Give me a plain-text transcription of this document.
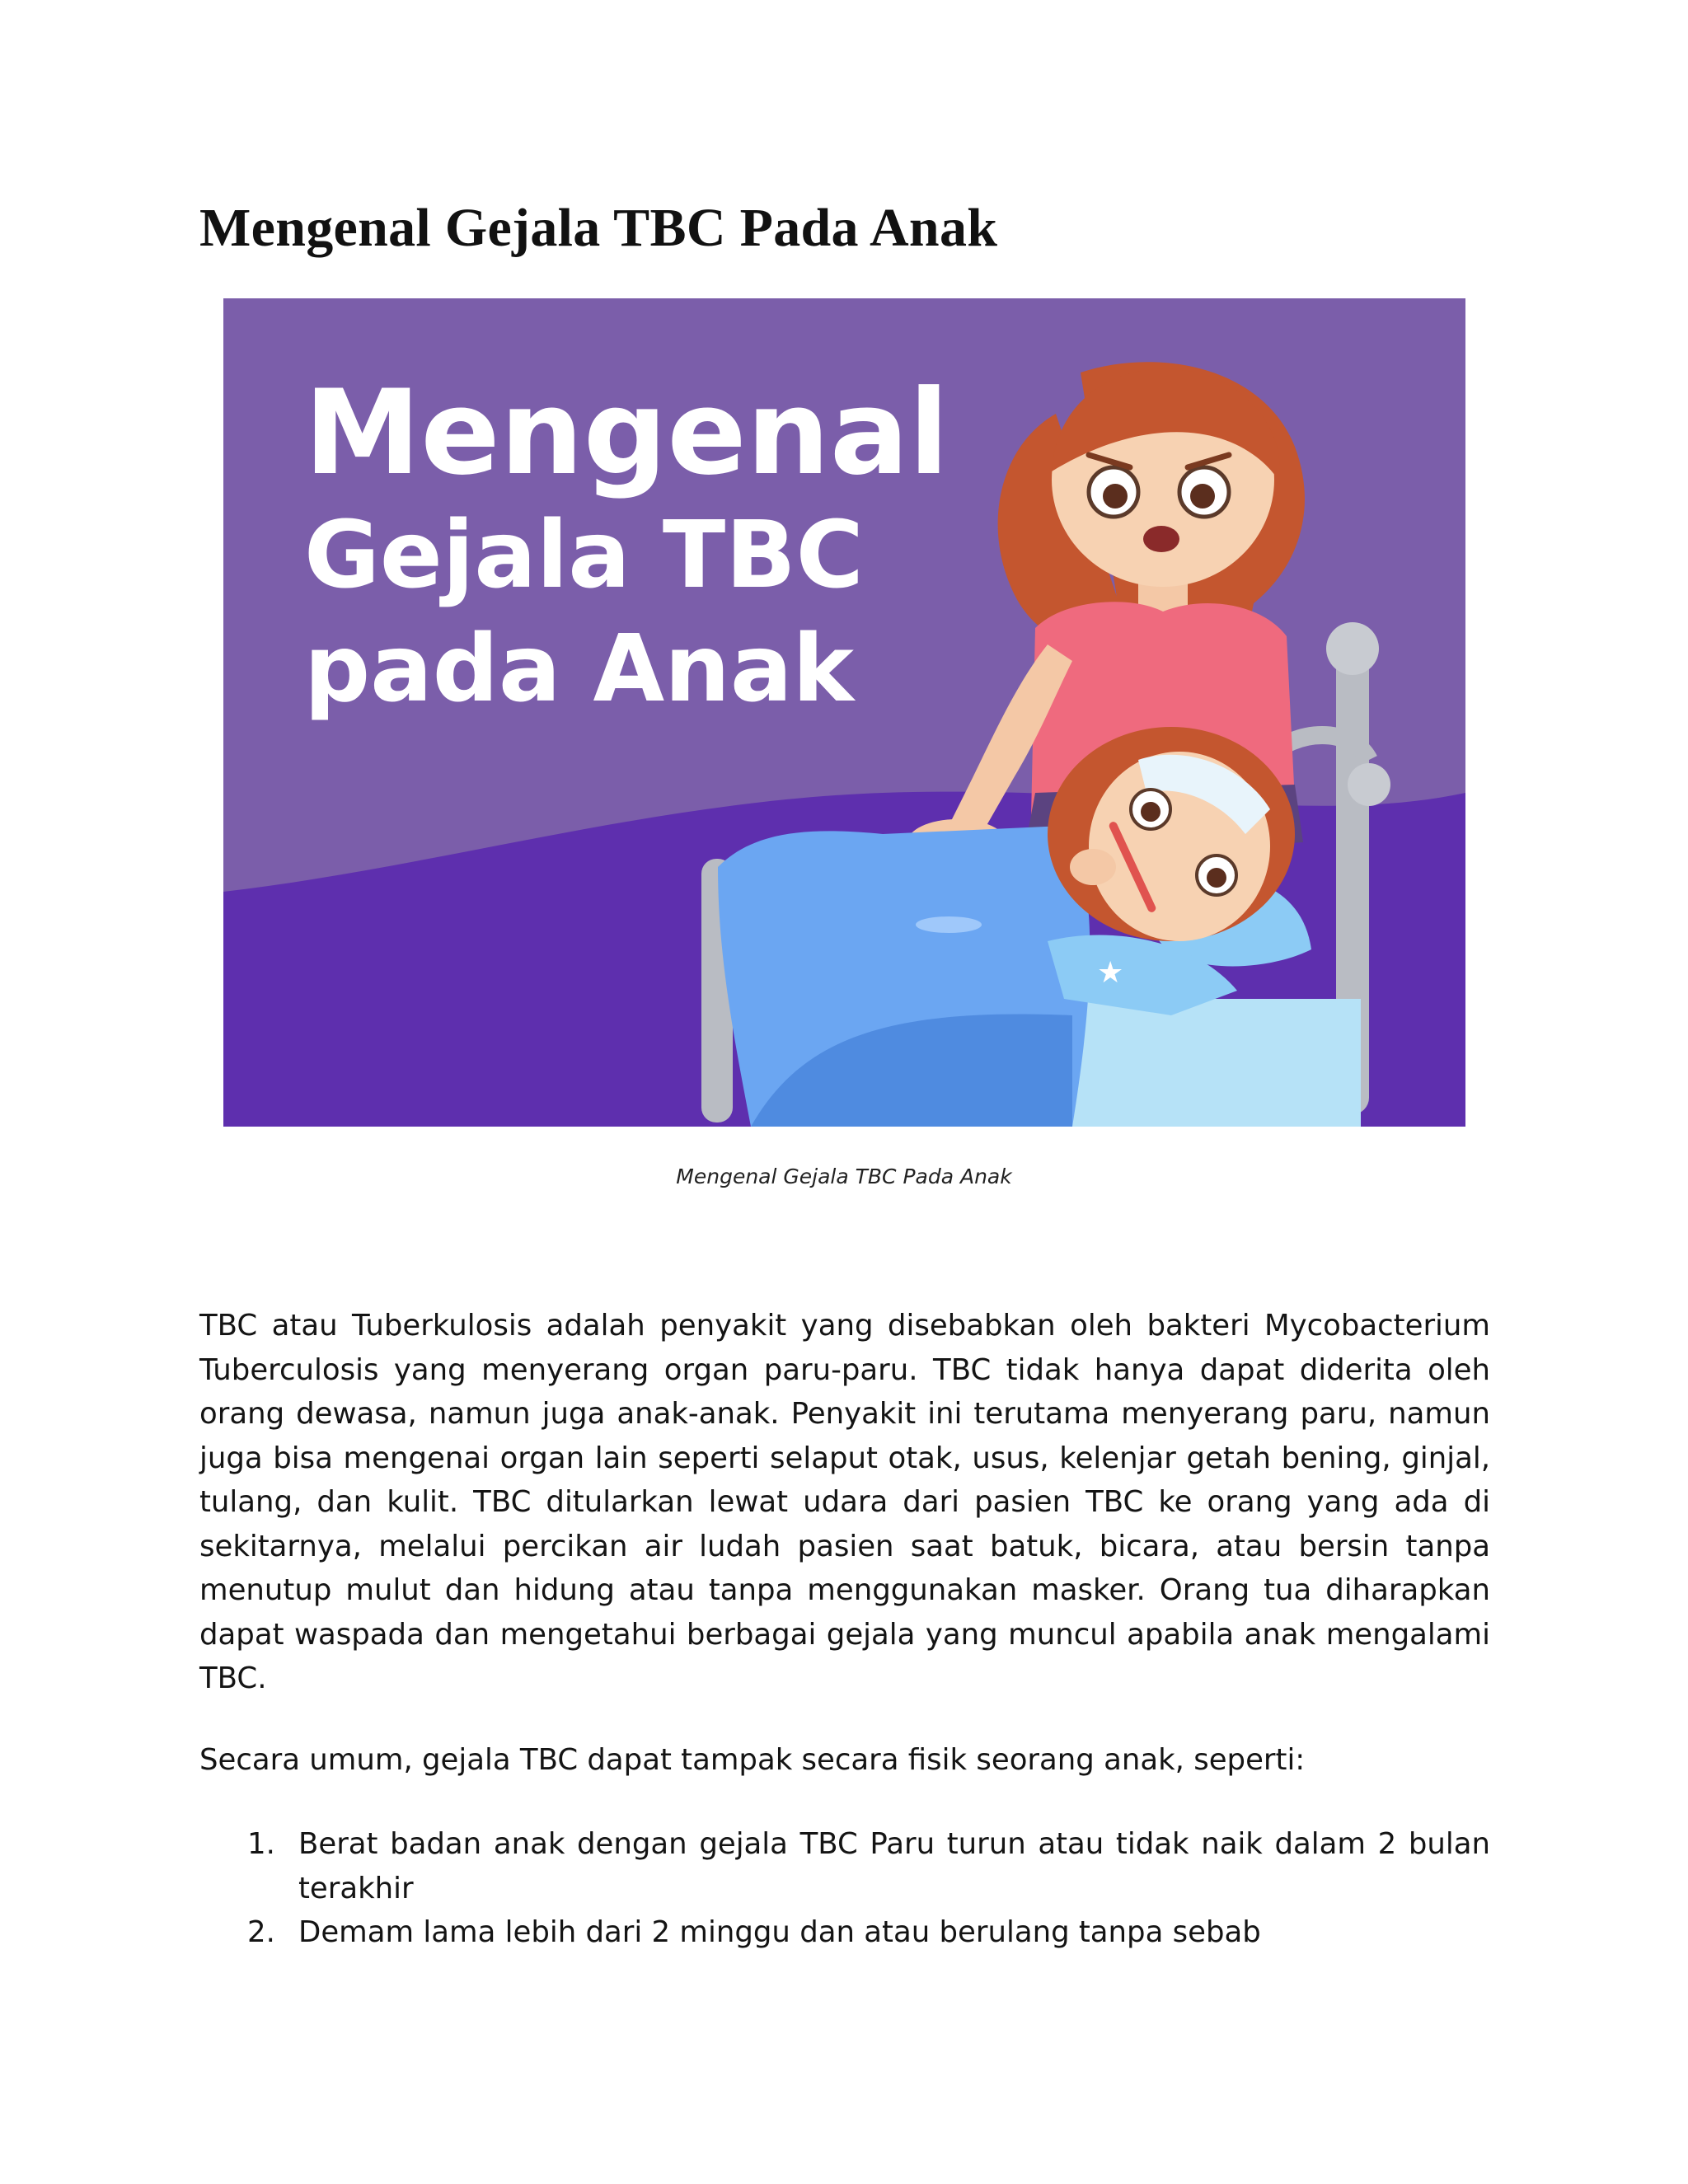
Mengenal Gejala TBC Pada Anak
Mengenal
Gejala TBC
pada Anak
★
Mengenal Gejala TBC Pada Anak

TBC atau Tuberkulosis adalah penyakit yang disebabkan oleh bakteri Mycobacterium Tuberculosis yang menyerang organ paru-paru. TBC tidak hanya dapat diderita oleh orang dewasa, namun juga anak-anak. Penyakit ini terutama menyerang paru, namun juga bisa mengenai organ lain seperti selaput otak, usus, kelenjar getah bening, ginjal, tulang, dan kulit. TBC ditularkan lewat udara dari pasien TBC ke orang yang ada di sekitarnya, melalui percikan air ludah pasien saat batuk, bicara, atau bersin tanpa menutup mulut dan hidung atau tanpa menggunakan masker. Orang tua diharapkan dapat waspada dan mengetahui berbagai gejala yang muncul apabila anak mengalami TBC.

Secara umum, gejala TBC dapat tampak secara fisik seorang anak, seperti:

1. Berat badan anak dengan gejala TBC Paru turun atau tidak naik dalam 2 bulan terakhir
2. Demam lama lebih dari 2 minggu dan atau berulang tanpa sebab
